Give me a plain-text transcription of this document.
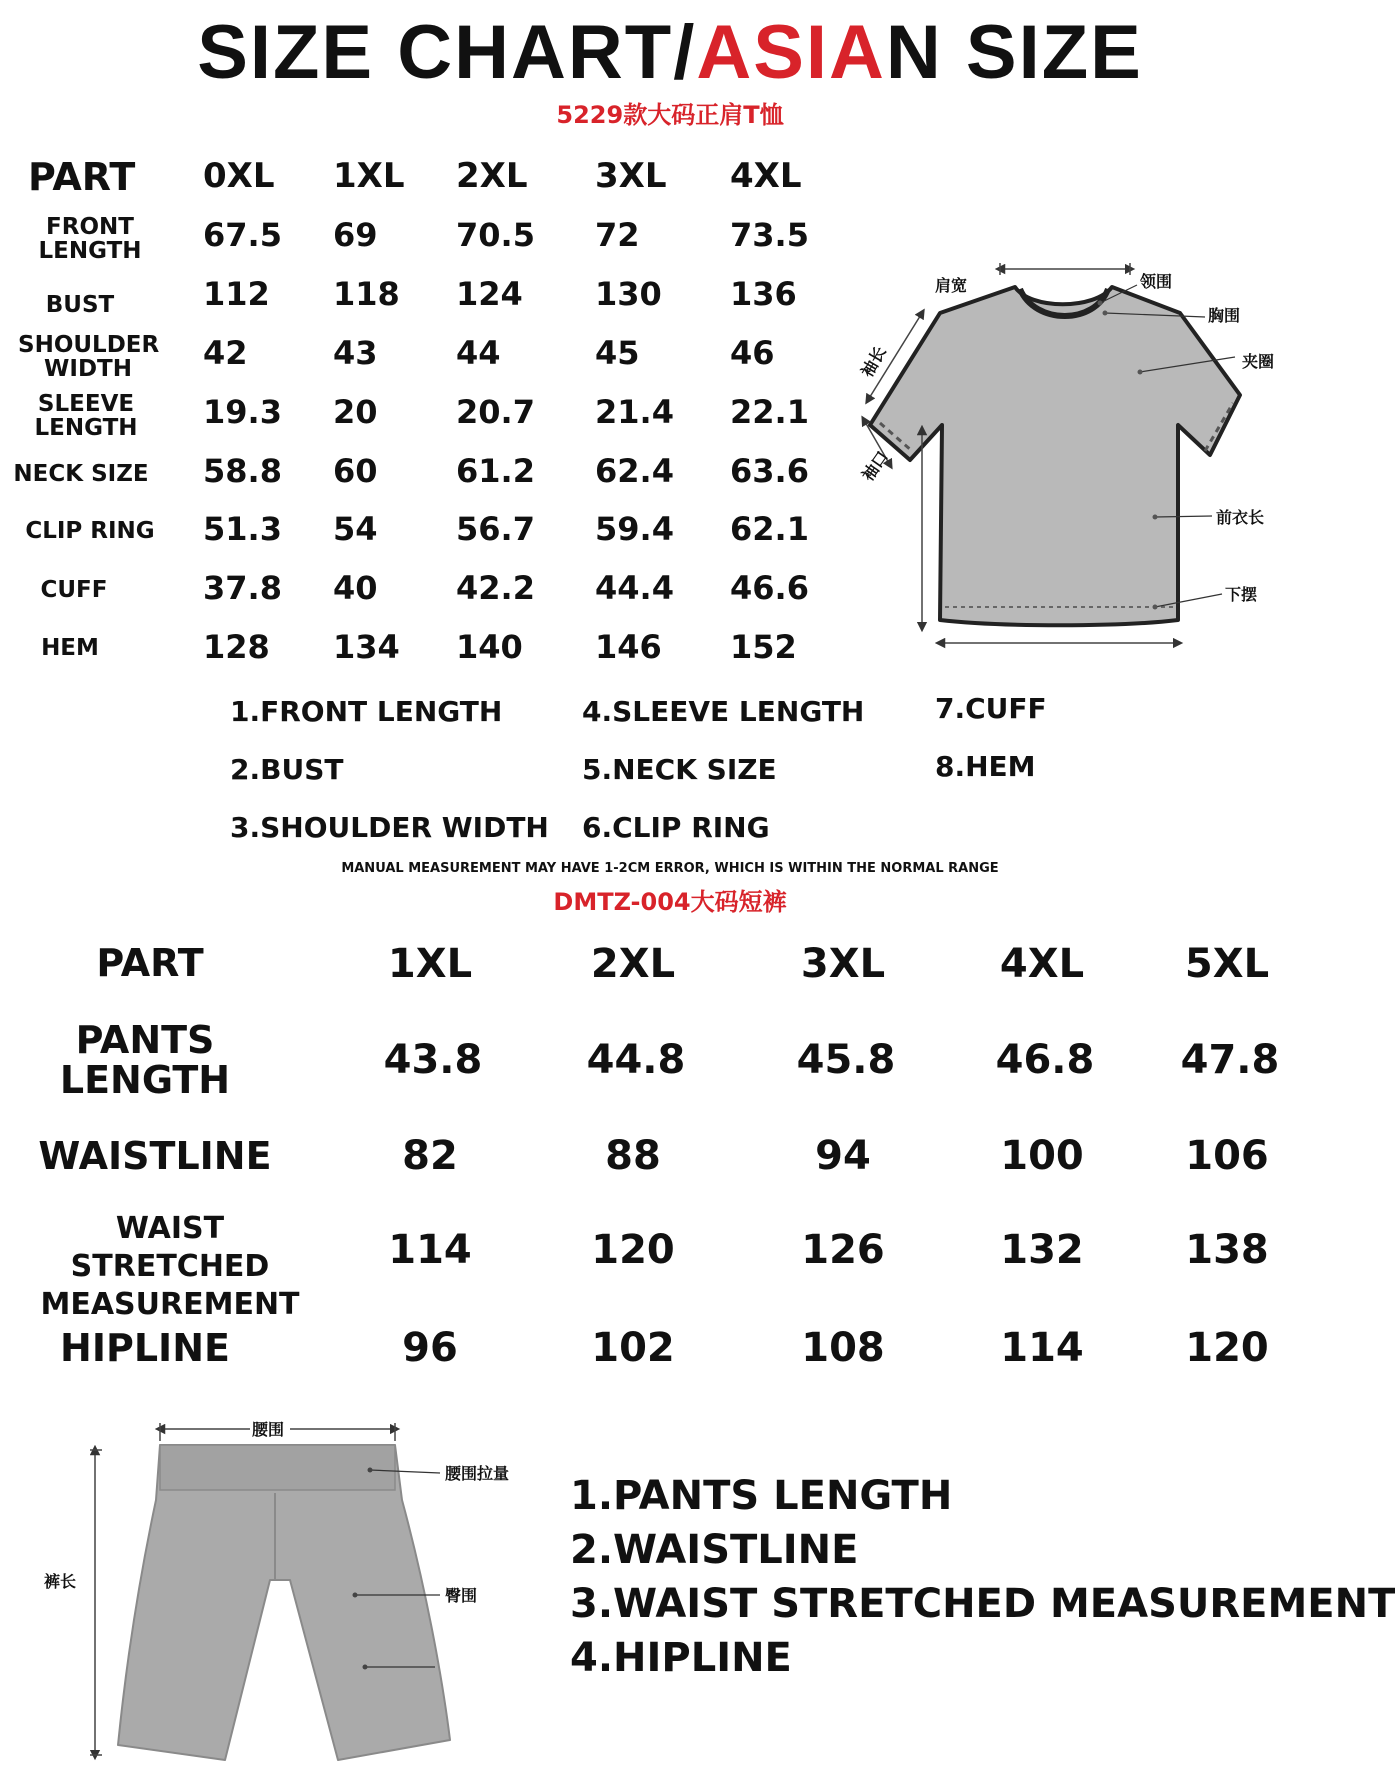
SIZE CHART/ASIAN SIZE
5229款大码正肩T恤
PART 0XL 1XL 2XL 3XL 4XL
FRONT
LENGTH	67.5 69 70.5 72	73.5
BUST	112 118 124 130 136
SHOULDER
WIDTH	42	43 44	45	46
SLEEVE
LENGTH	19.3 20 20.7 21.4 22.1
NECK SIZE 58.8 60 61.2 62.4 63.6
CLIP RING 51.3 54 56.7 59.4 62.1
CUFF	37.8 40 42.2 44.4 46.6
HEM	128 134 140 146 152
肩宽	领围
胸围
夹圈
袖长
袖口
前衣长
下摆
1.FRONT LENGTH
2.BUST
3.SHOULDER WIDTH
4.SLEEVE LENGTH
5.NECK SIZE
6.CLIP RING
7.CUFF
8.HEM
MANUAL MEASUREMENT MAY HAVE 1-2CM ERROR, WHICH IS WITHIN THE NORMAL RANGE
DMTZ-004大码短裤
PART	1XL	2XL	3XL	4XL	5XL
PANTS
LENGTH	43.8	44.8	45.8	46.8	47.8
WAISTLINE	82	88	94	100	106
WAIST STRETCHED
MEASUREMENT
114	120	126	132	138
HIPLINE	96	102	108	114	120
腰围
腰围拉量
裤长
臀围
1.PANTS LENGTH
2.WAISTLINE
3.WAIST STRETCHED MEASUREMENT
4.HIPLINE
